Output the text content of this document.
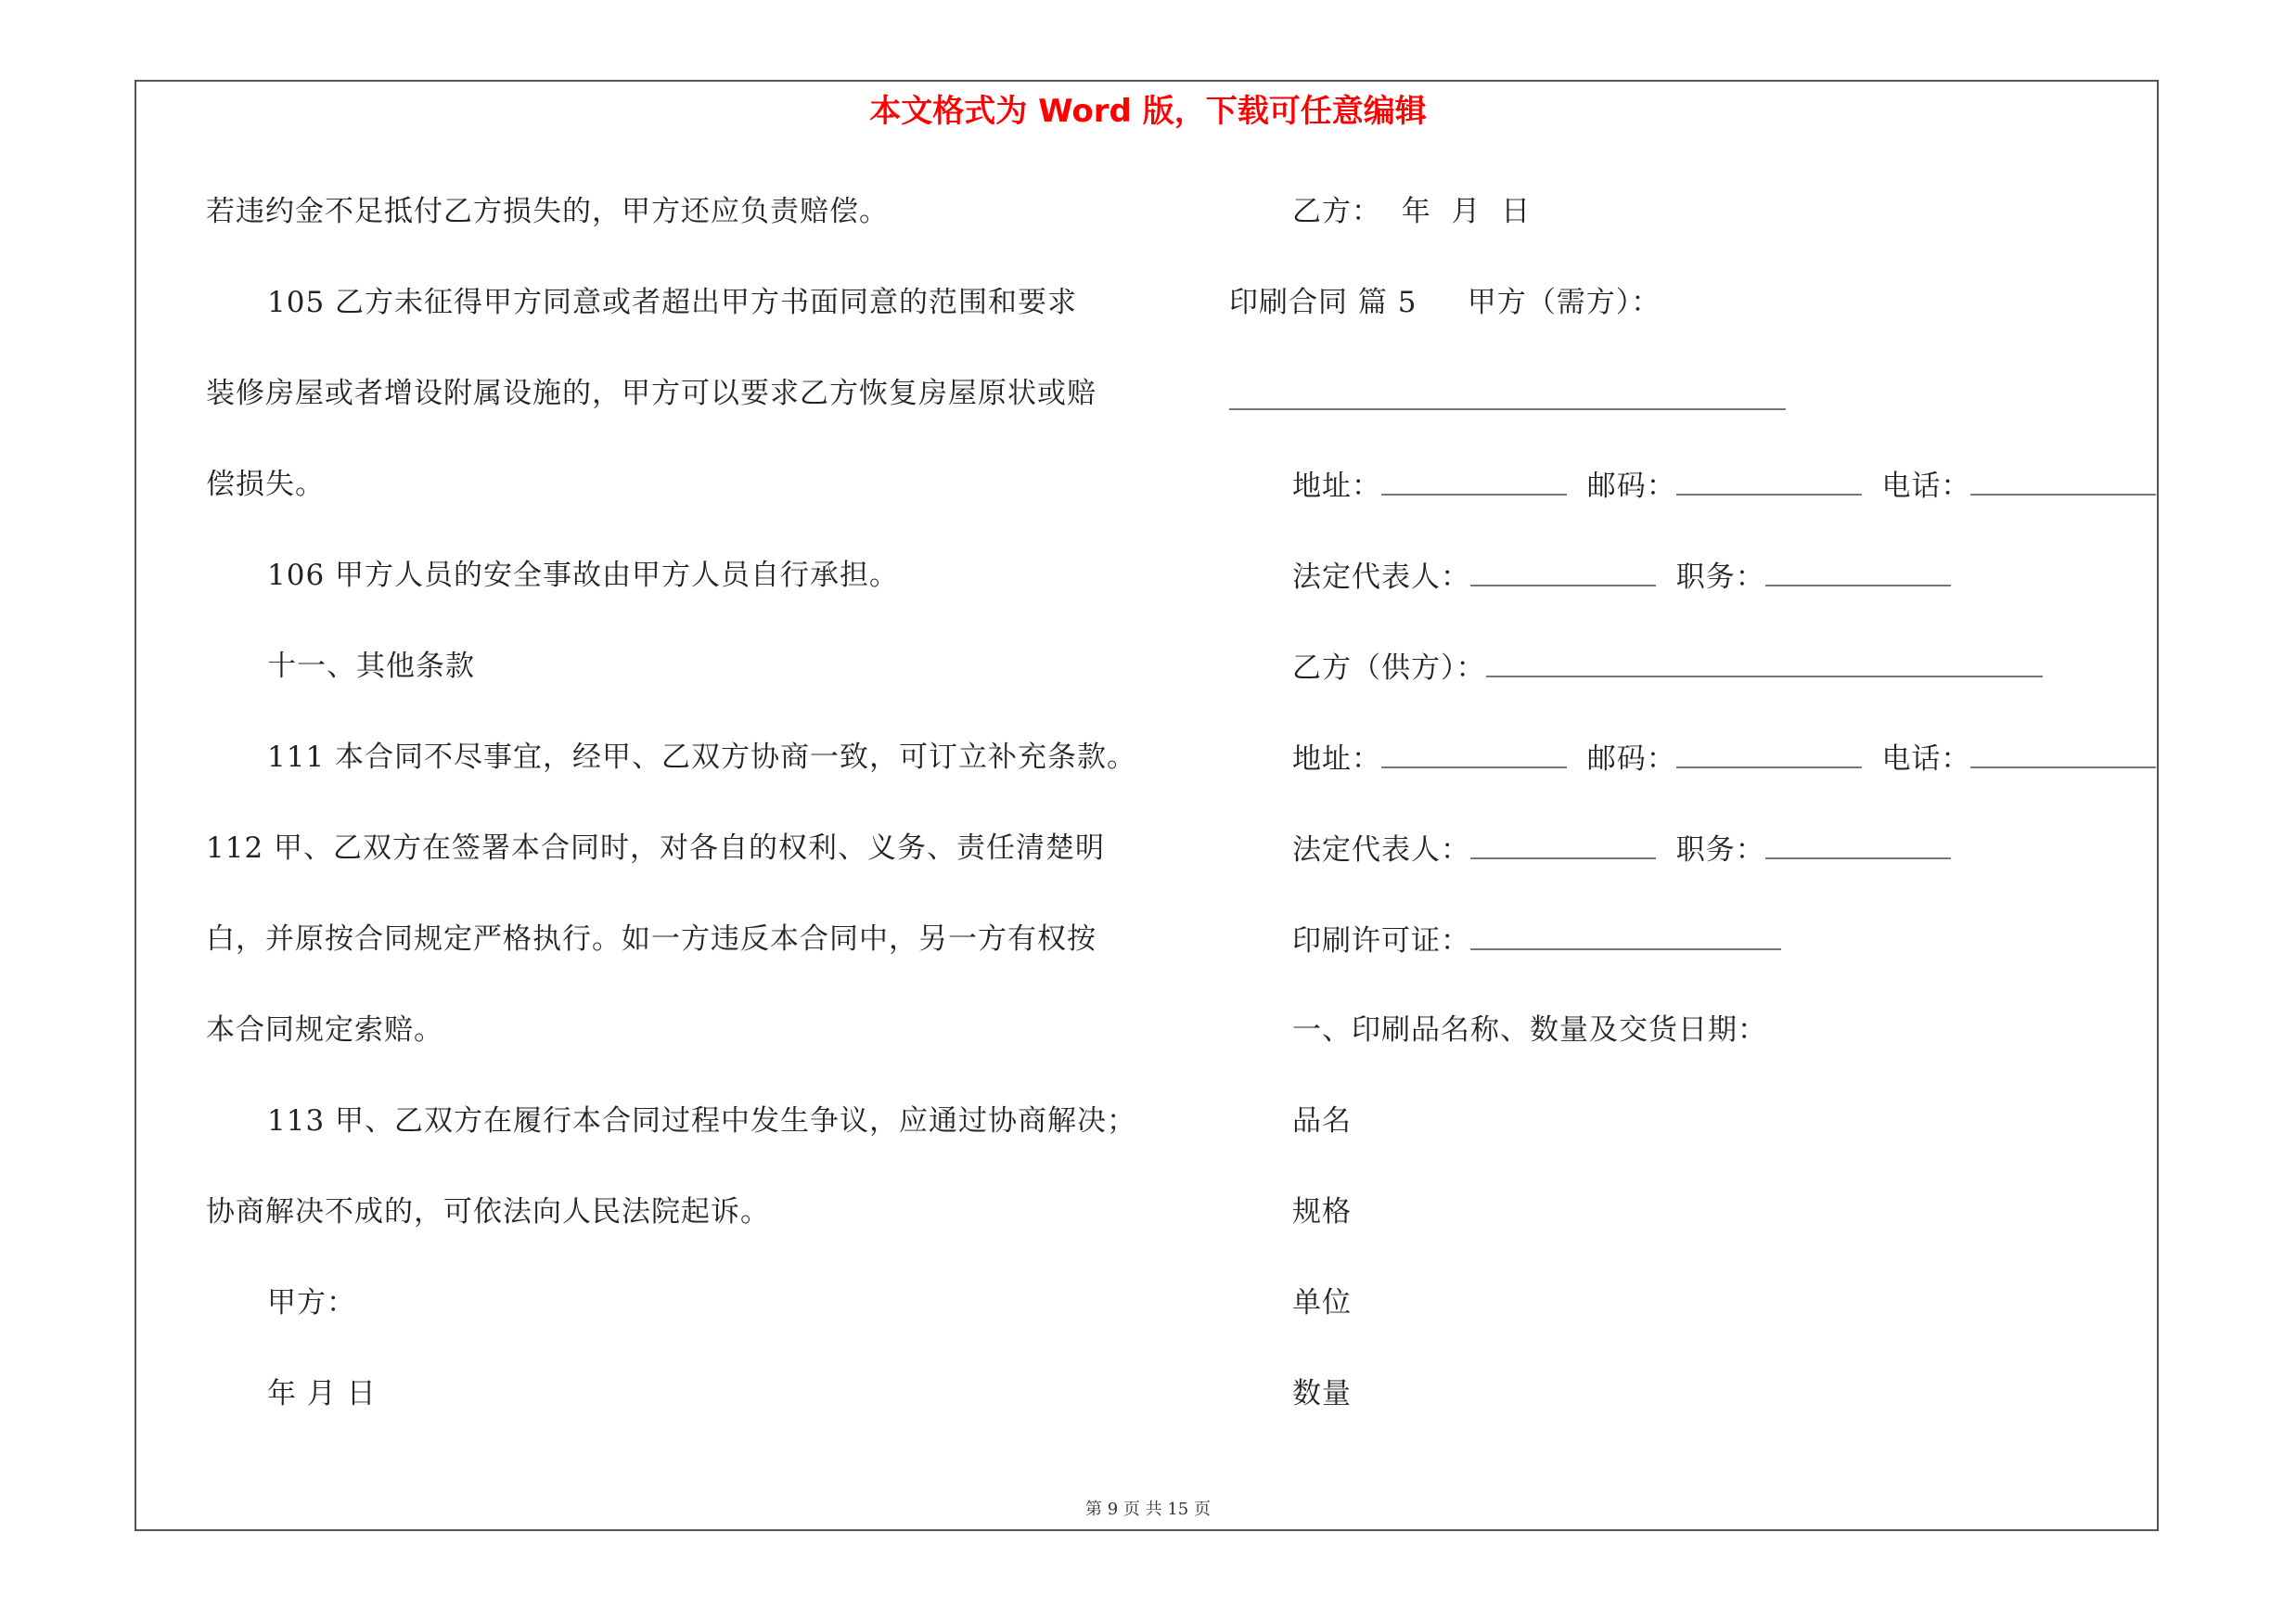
本文格式为 Word 版，下载可任意编辑
若违约金不足抵付乙方损失的，甲方还应负责赔偿。
105 乙方未征得甲方同意或者超出甲方书面同意的范围和要求
装修房屋或者增设附属设施的，甲方可以要求乙方恢复房屋原状或赔
偿损失。
106 甲方人员的安全事故由甲方人员自行承担。
十一、其他条款
111 本合同不尽事宜，经甲、乙双方协商一致，可订立补充条款。
112 甲、乙双方在签署本合同时，对各自的权利、义务、责任清楚明
白，并原按合同规定严格执行。如一方违反本合同中，另一方有权按
本合同规定索赔。
113 甲、乙双方在履行本合同过程中发生争议，应通过协商解决；
协商解决不成的，可依法向人民法院起诉。
甲方：
年 月 日
乙方：  年  月  日
印刷合同 篇 5     甲方（需方）：
地址：	邮码：	电话：
法定代表人：	职务：
乙方（供方）：
地址：	邮码：	电话：
法定代表人：	职务：
印刷许可证：
一、印刷品名称、数量及交货日期：
品名
规格
单位
数量
第 9 页 共 15 页
